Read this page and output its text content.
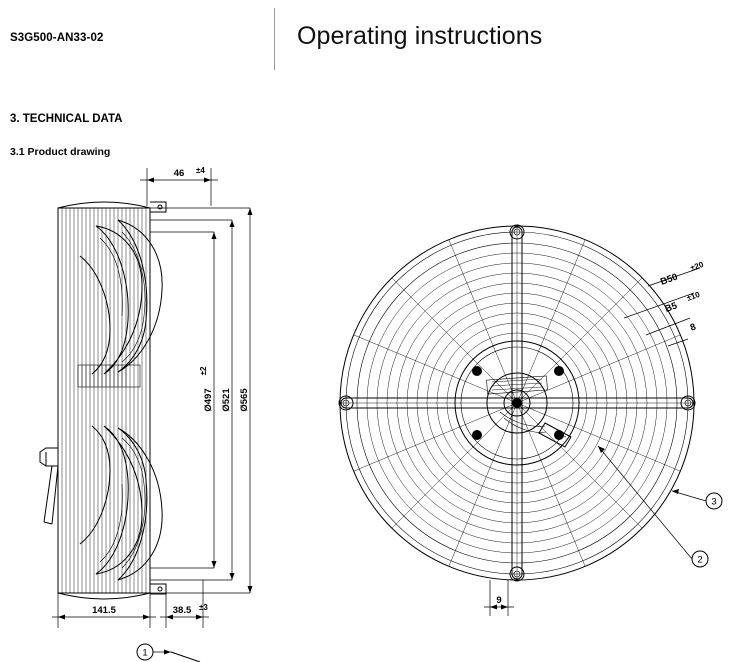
S3G500-AN33-02	Operating instructions
3. TECHNICAL DATA
3.1 Product drawing
46 ±4
Ø497
±2
Ø521 Ø565
141.5	38.5 ±3
1
B50
±20
B5
±10
8
3
2
9
